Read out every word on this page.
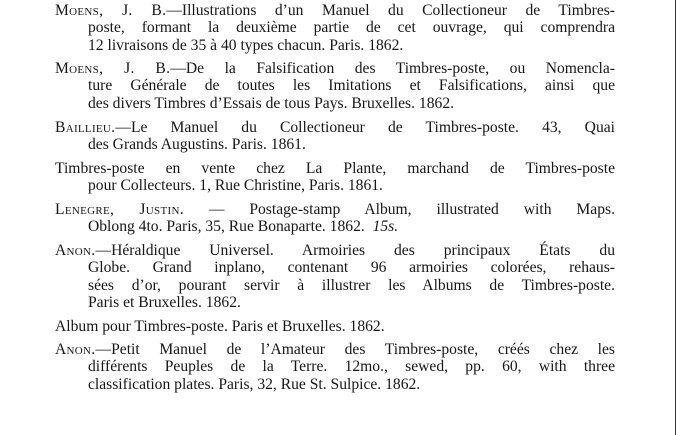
Moens, J. B.—Illustrations d’un Manuel du Collectioneur de Timbres-
poste, formant la deuxième partie de cet ouvrage, qui comprendra
12 livraisons de 35 à 40 types chacun. Paris. 1862.
Moens, J. B.—De la Falsification des Timbres-poste, ou Nomencla-
ture Générale de toutes les Imitations et Falsifications, ainsi que
des divers Timbres d’Essais de tous Pays. Bruxelles. 1862.
Baillieu.—Le Manuel du Collectioneur de Timbres-poste. 43, Quai
des Grands Augustins. Paris. 1861.
Timbres-poste en vente chez La Plante, marchand de Timbres-poste
pour Collecteurs. 1, Rue Christine, Paris. 1861.
Lenegre, Justin. — Postage-stamp Album, illustrated with Maps.
Oblong 4to. Paris, 35, Rue Bonaparte. 1862. 15s.
Anon.—Héraldique Universel. Armoiries des principaux États du
Globe. Grand inplano, contenant 96 armoiries colorées, rehaus-
sées d’or, pourant servir à illustrer les Albums de Timbres-poste.
Paris et Bruxelles. 1862.
Album pour Timbres-poste. Paris et Bruxelles. 1862.
Anon.—Petit Manuel de l’Amateur des Timbres-poste, créés chez les
différents Peuples de la Terre. 12mo., sewed, pp. 60, with three
classification plates. Paris, 32, Rue St. Sulpice. 1862.
